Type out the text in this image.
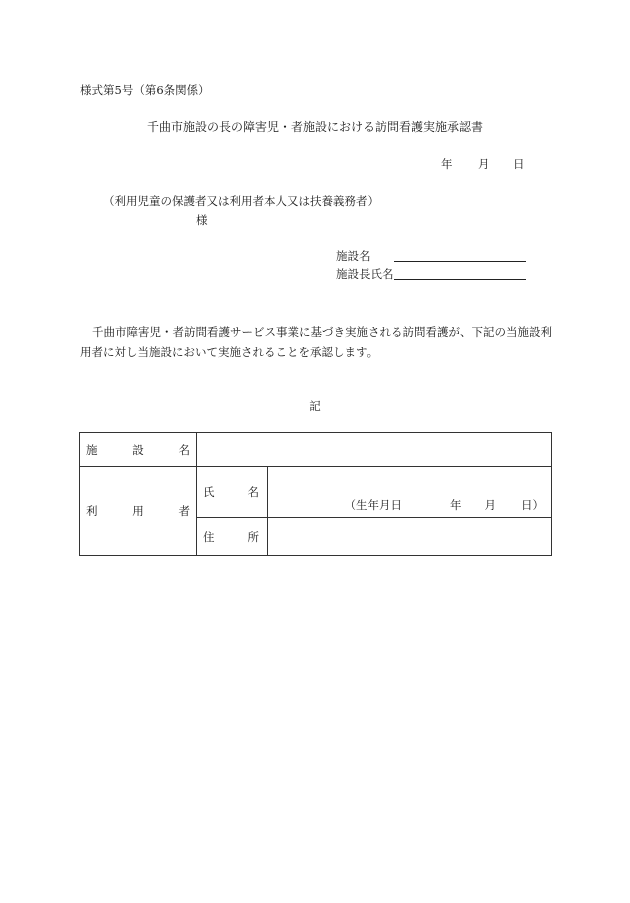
様式第5号（第6条関係）
千曲市施設の長の障害児・者施設における訪問看護実施承認書
年 月 日
（利用児童の保護者又は利用者本人又は扶養義務者）
様
施設名
施設長氏名
千曲市障害児・者訪問看護サービス事業に基づき実施される訪問看護が、下記の当施設利用者に対し当施設において実施されることを承認します。
記
施 設 名		

利 用 者	氏 名	（生年月日 年 月 日）

	住 所	
